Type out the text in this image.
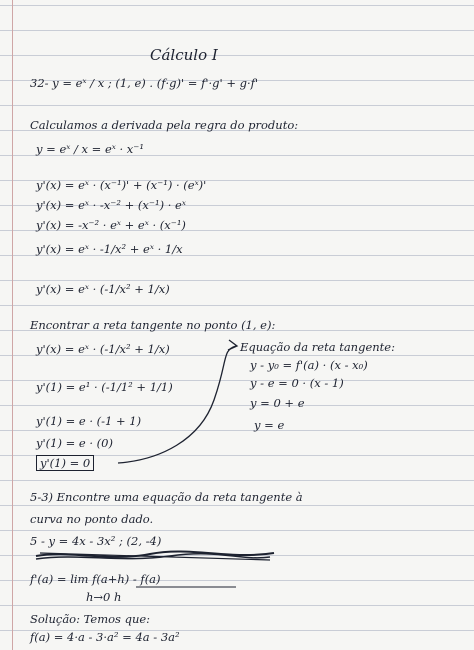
Cálculo I
32- y = eˣ / x ; (1, e) . (f·g)' = f'·g' + g·f'
Calculamos a derivada pela regra do produto:
y = eˣ / x = eˣ · x⁻¹
y'(x) = eˣ · (x⁻¹)' + (x⁻¹) · (eˣ)'
y'(x) = eˣ · -x⁻² + (x⁻¹) · eˣ
y'(x) = -x⁻² · eˣ + eˣ · (x⁻¹)
y'(x) = eˣ · -1/x² + eˣ · 1/x
y'(x) = eˣ · (-1/x² + 1/x)
Encontrar a reta tangente no ponto (1, e):
y'(x) = eˣ · (-1/x² + 1/x)
y'(1) = e¹ · (-1/1² + 1/1)
y'(1) = e · (-1 + 1)
y'(1) = e · (0)
y'(1) = 0
Equação da reta tangente:
y - y₀ = f'(a) · (x - x₀)
y - e = 0 · (x - 1)
y = 0 + e
y = e
5-3) Encontre uma equação da reta tangente à
curva no ponto dado.
5 - y = 4x - 3x² ; (2, -4)
f'(a) = lim f(a+h) - f(a)
h→0 h
Solução: Temos que:
f(a) = 4·a - 3·a² = 4a - 3a²
